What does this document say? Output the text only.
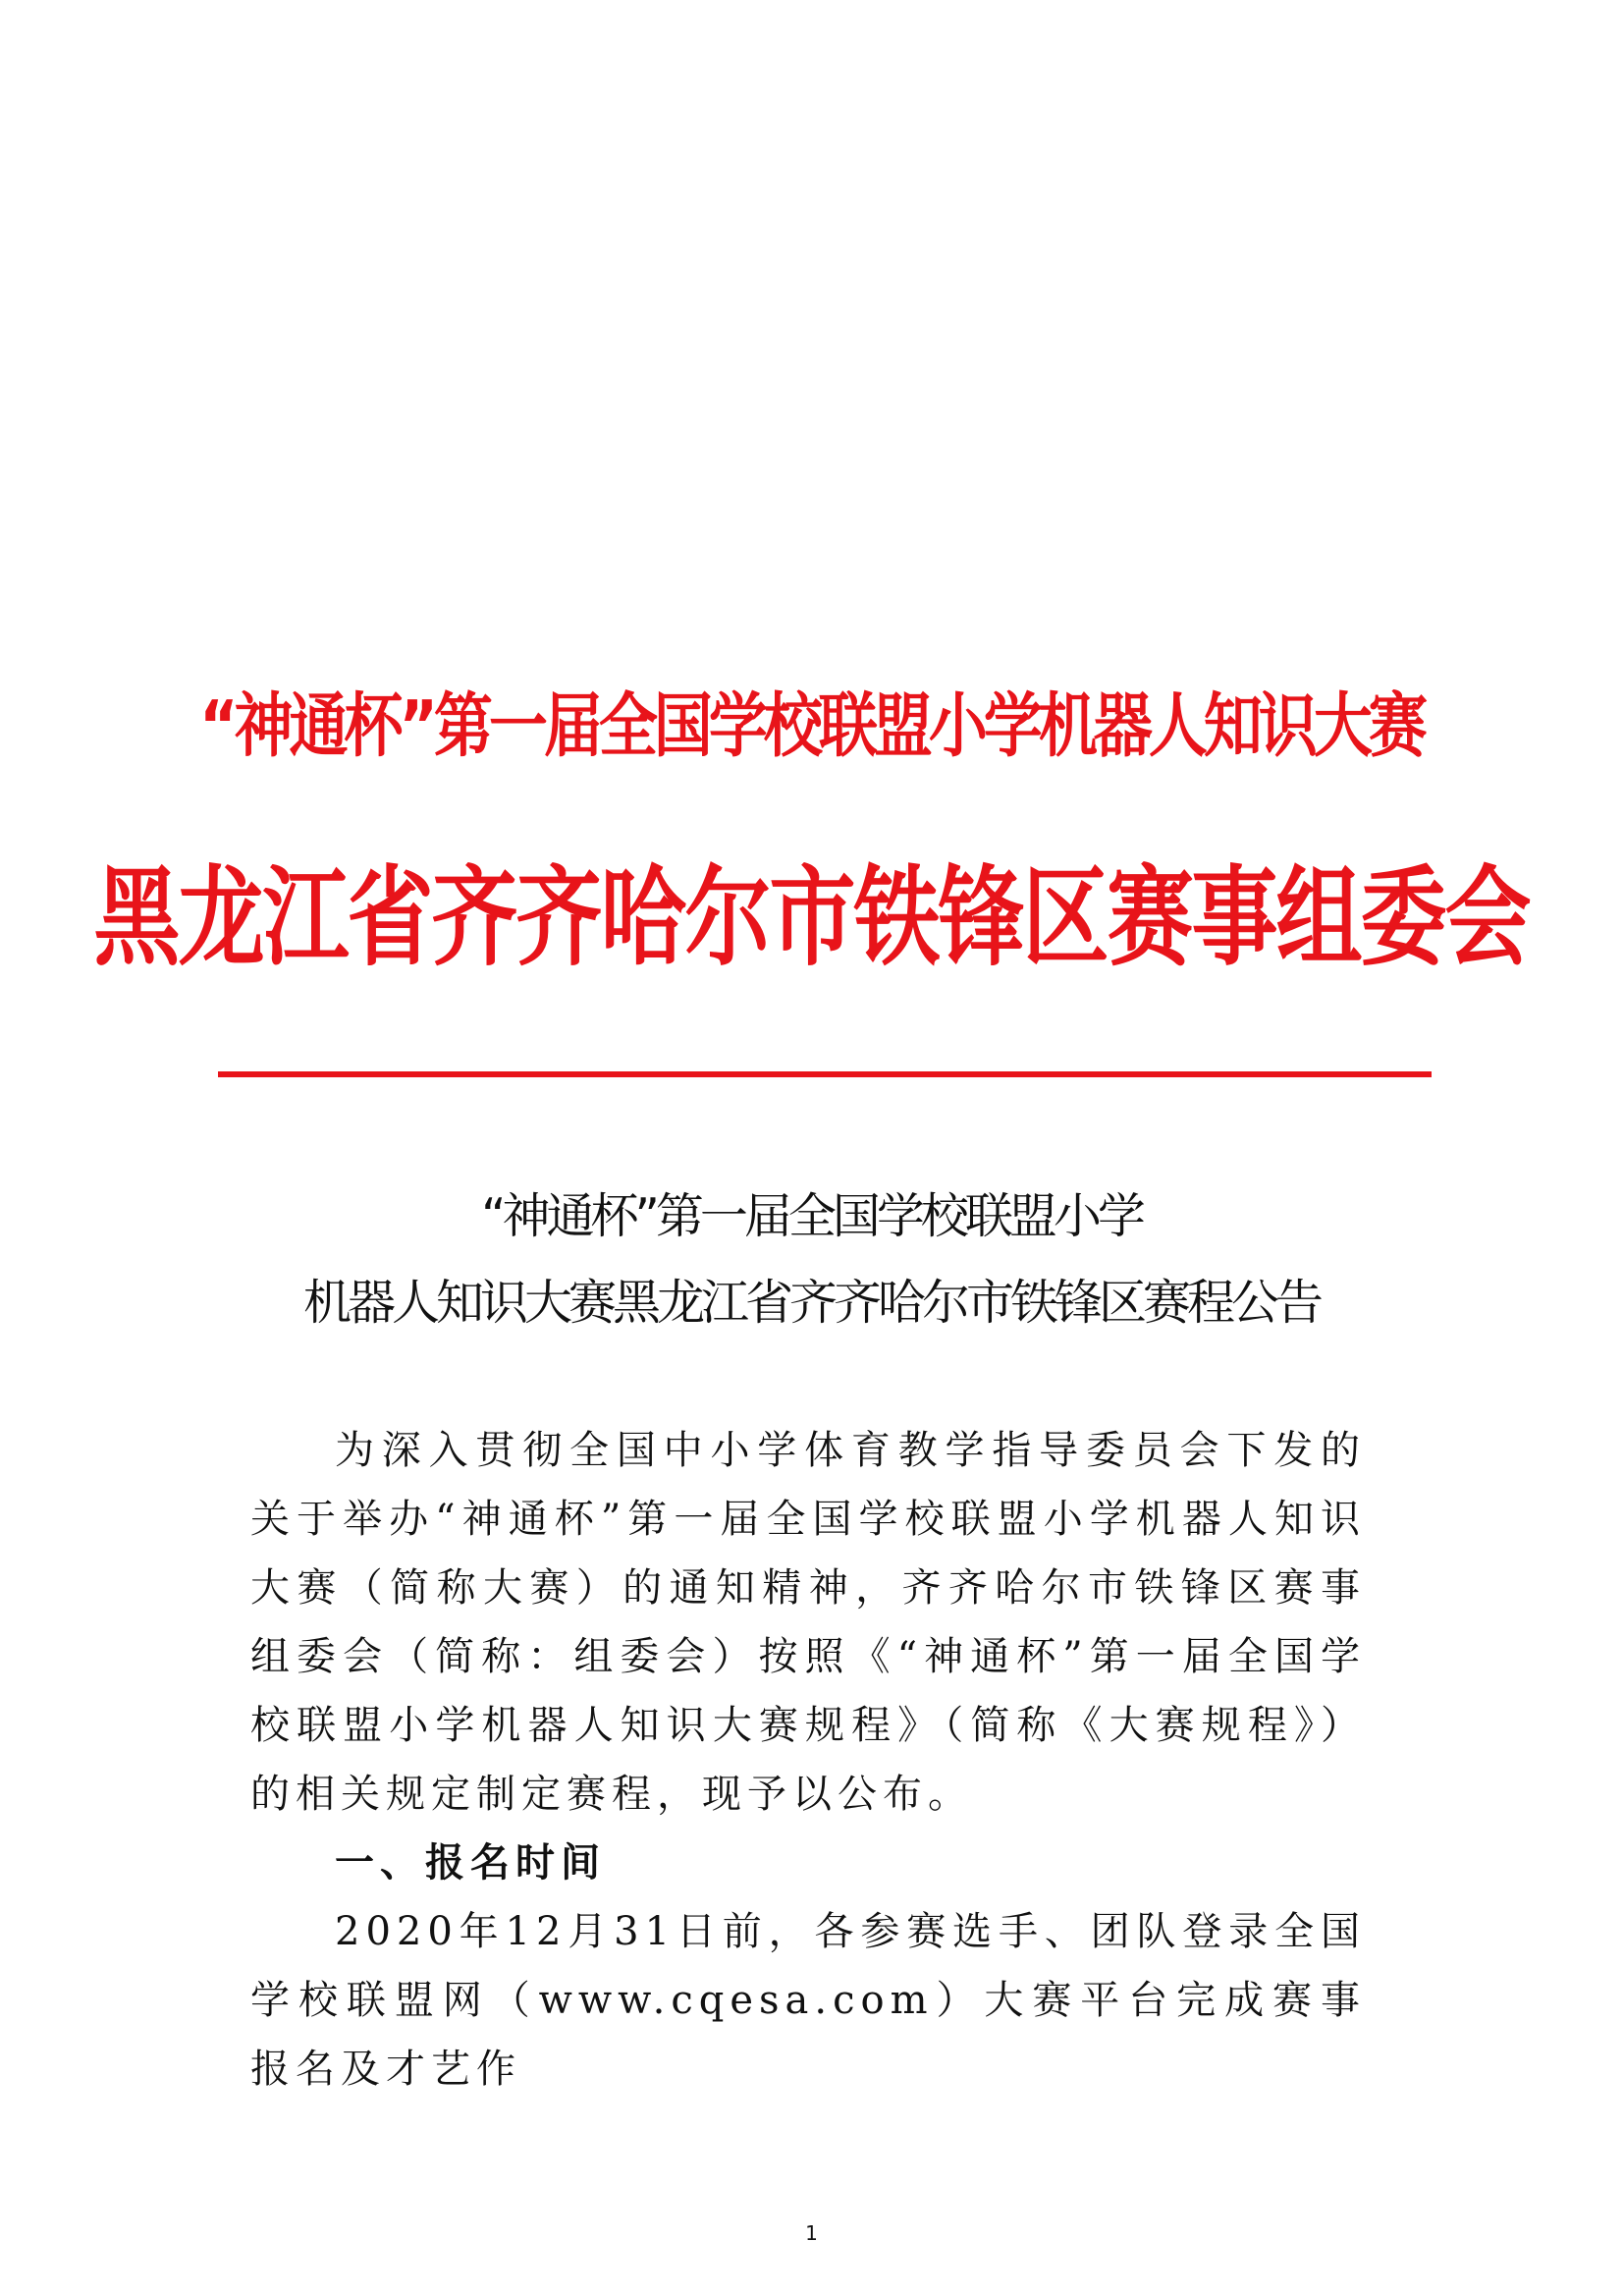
“神通杯”第一届全国学校联盟小学机器人知识大赛
黑龙江省齐齐哈尔市铁锋区赛事组委会
“神通杯”第一届全国学校联盟小学
机器人知识大赛黑龙江省齐齐哈尔市铁锋区赛程公告

为深入贯彻全国中小学体育教学指导委员会下发的关于举办“神通杯”第一届全国学校联盟小学机器人知识大赛（简称大赛）的通知精神，齐齐哈尔市铁锋区赛事组委会（简称：组委会）按照《“神通杯”第一届全国学校联盟小学机器人知识大赛规程》（简称《大赛规程》）的相关规定制定赛程，现予以公布。

一、报名时间

2020年12月31日前，各参赛选手、团队登录全国学校联盟网（www.cqesa.com）大赛平台完成赛事报名及才艺作

1
